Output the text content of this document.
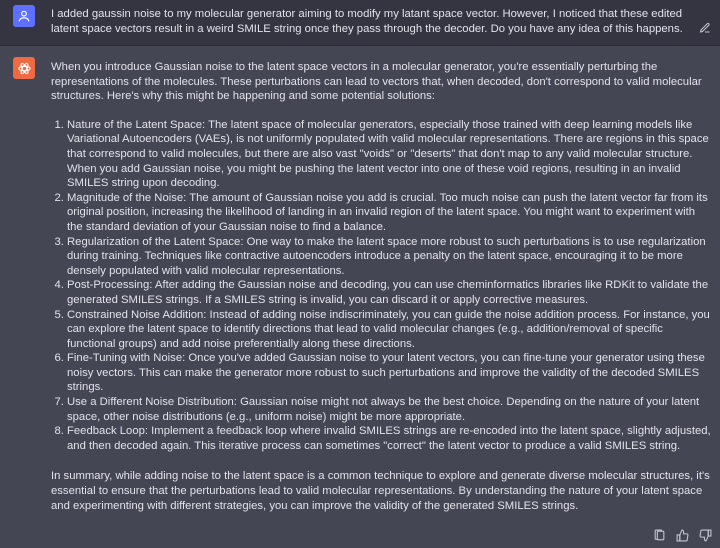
I added gaussin noise to my molecular generator aiming to modify my latant space vector. However, I noticed that these edited latent space vectors result in a weird SMILE string once they pass through the decoder. Do you have any idea of this happens.

When you introduce Gaussian noise to the latent space vectors in a molecular generator, you're essentially perturbing the representations of the molecules. These perturbations can lead to vectors that, when decoded, don't correspond to valid molecular structures. Here's why this might be happening and some potential solutions:

1. Nature of the Latent Space: The latent space of molecular generators, especially those trained with deep learning models like Variational Autoencoders (VAEs), is not uniformly populated with valid molecular representations. There are regions in this space that correspond to valid molecules, but there are also vast "voids" or "deserts" that don't map to any valid molecular structure. When you add Gaussian noise, you might be pushing the latent vector into one of these void regions, resulting in an invalid SMILES string upon decoding.
2. Magnitude of the Noise: The amount of Gaussian noise you add is crucial. Too much noise can push the latent vector far from its original position, increasing the likelihood of landing in an invalid region of the latent space. You might want to experiment with the standard deviation of your Gaussian noise to find a balance.
3. Regularization of the Latent Space: One way to make the latent space more robust to such perturbations is to use regularization during training. Techniques like contractive autoencoders introduce a penalty on the latent space, encouraging it to be more densely populated with valid molecular representations.
4. Post-Processing: After adding the Gaussian noise and decoding, you can use cheminformatics libraries like RDKit to validate the generated SMILES strings. If a SMILES string is invalid, you can discard it or apply corrective measures.
5. Constrained Noise Addition: Instead of adding noise indiscriminately, you can guide the noise addition process. For instance, you can explore the latent space to identify directions that lead to valid molecular changes (e.g., addition/removal of specific functional groups) and add noise preferentially along these directions.
6. Fine-Tuning with Noise: Once you've added Gaussian noise to your latent vectors, you can fine-tune your generator using these noisy vectors. This can make the generator more robust to such perturbations and improve the validity of the decoded SMILES strings.
7. Use a Different Noise Distribution: Gaussian noise might not always be the best choice. Depending on the nature of your latent space, other noise distributions (e.g., uniform noise) might be more appropriate.
8. Feedback Loop: Implement a feedback loop where invalid SMILES strings are re-encoded into the latent space, slightly adjusted, and then decoded again. This iterative process can sometimes "correct" the latent vector to produce a valid SMILES string.

In summary, while adding noise to the latent space is a common technique to explore and generate diverse molecular structures, it's essential to ensure that the perturbations lead to valid molecular representations. By understanding the nature of your latent space and experimenting with different strategies, you can improve the validity of the generated SMILES strings.
